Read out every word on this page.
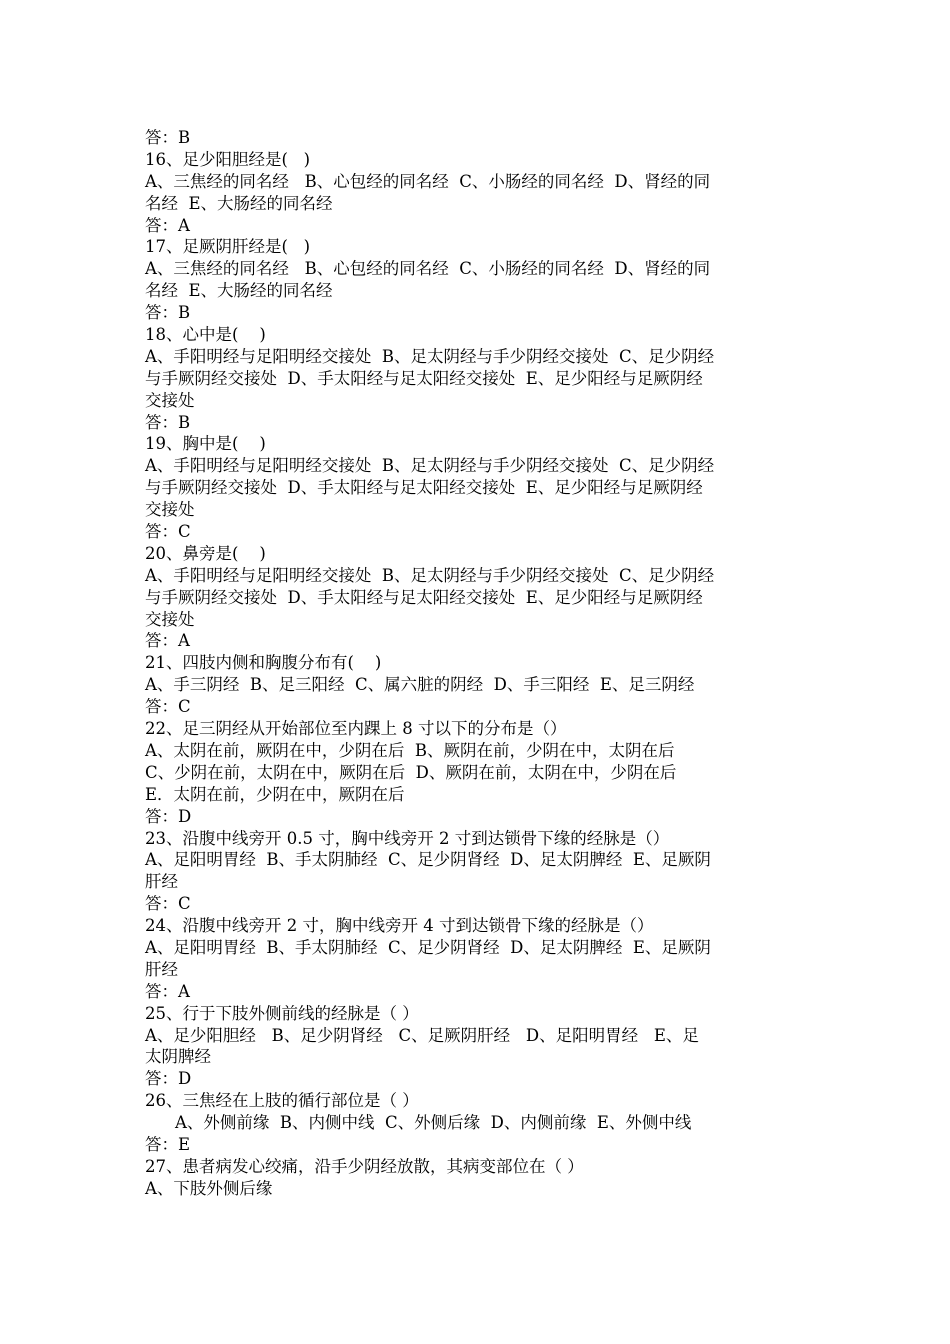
答：B
16、足少阳胆经是(   )
A、三焦经的同名经   B、心包经的同名经  C、小肠经的同名经  D、肾经的同
名经  E、大肠经的同名经
答：A
17、足厥阴肝经是(   )
A、三焦经的同名经   B、心包经的同名经  C、小肠经的同名经  D、肾经的同
名经  E、大肠经的同名经
答：B
18、心中是(    )
A、手阳明经与足阳明经交接处  B、足太阴经与手少阴经交接处  C、足少阴经
与手厥阴经交接处  D、手太阳经与足太阳经交接处  E、足少阳经与足厥阴经
交接处
答：B
19、胸中是(    )
A、手阳明经与足阳明经交接处  B、足太阴经与手少阴经交接处  C、足少阴经
与手厥阴经交接处  D、手太阳经与足太阳经交接处  E、足少阳经与足厥阴经
交接处
答：C
20、鼻旁是(    )
A、手阳明经与足阳明经交接处  B、足太阴经与手少阴经交接处  C、足少阴经
与手厥阴经交接处  D、手太阳经与足太阳经交接处  E、足少阳经与足厥阴经
交接处
答：A
21、四肢内侧和胸腹分布有(    )
A、手三阴经  B、足三阳经  C、属六脏的阴经  D、手三阳经  E、足三阴经
答：C
22、足三阴经从开始部位至内踝上 8 寸以下的分布是（）
A、太阴在前，厥阴在中，少阴在后  B、厥阴在前，少阴在中，太阴在后
C、少阴在前，太阴在中，厥阴在后  D、厥阴在前，太阴在中，少阴在后
E．太阴在前，少阴在中，厥阴在后
答：D
23、沿腹中线旁开 0.5 寸，胸中线旁开 2 寸到达锁骨下缘的经脉是（）
A、足阳明胃经  B、手太阴肺经  C、足少阴肾经  D、足太阴脾经  E、足厥阴
肝经
答：C
24、沿腹中线旁开 2 寸，胸中线旁开 4 寸到达锁骨下缘的经脉是（）
A、足阳明胃经  B、手太阴肺经  C、足少阴肾经  D、足太阴脾经  E、足厥阴
肝经
答：A
25、行于下肢外侧前线的经脉是（ ）
A、足少阳胆经   B、足少阴肾经   C、足厥阴肝经   D、足阳明胃经   E、足
太阴脾经
答：D
26、三焦经在上肢的循行部位是（ ）
A、外侧前缘  B、内侧中线  C、外侧后缘  D、内侧前缘  E、外侧中线
答：E
27、患者病发心绞痛，沿手少阴经放散，其病变部位在（ ）
A、下肢外侧后缘
